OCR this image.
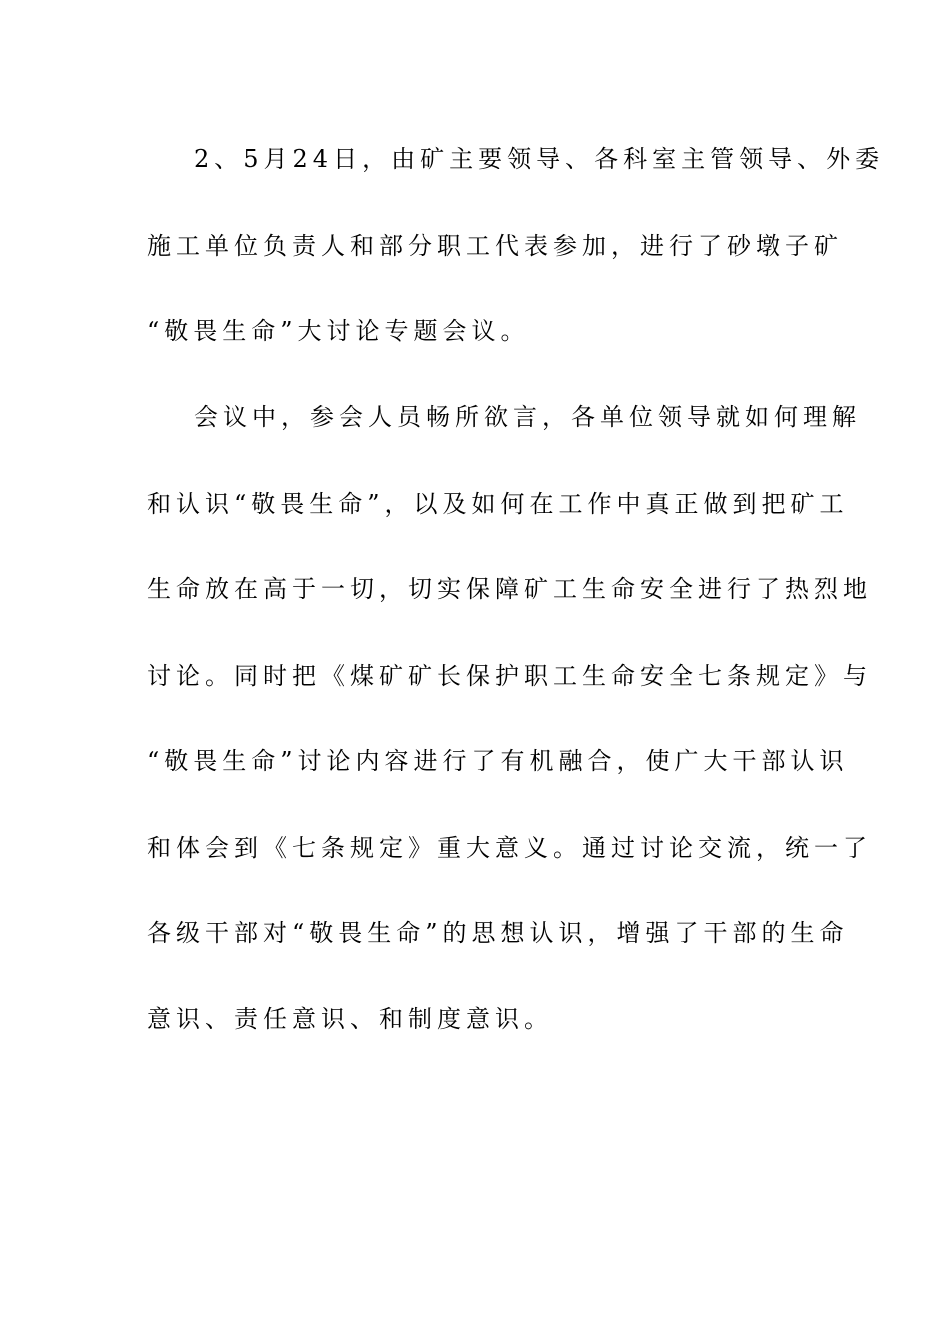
2、5月24日，由矿主要领导、各科室主管领导、外委
施工单位负责人和部分职工代表参加，进行了砂墩子矿
“敬畏生命”大讨论专题会议。
会议中，参会人员畅所欲言，各单位领导就如何理解
和认识“敬畏生命”，以及如何在工作中真正做到把矿工
生命放在高于一切，切实保障矿工生命安全进行了热烈地
讨论。同时把《煤矿矿长保护职工生命安全七条规定》与
“敬畏生命”讨论内容进行了有机融合，使广大干部认识
和体会到《七条规定》重大意义。通过讨论交流，统一了
各级干部对“敬畏生命”的思想认识，增强了干部的生命
意识、责任意识、和制度意识。
